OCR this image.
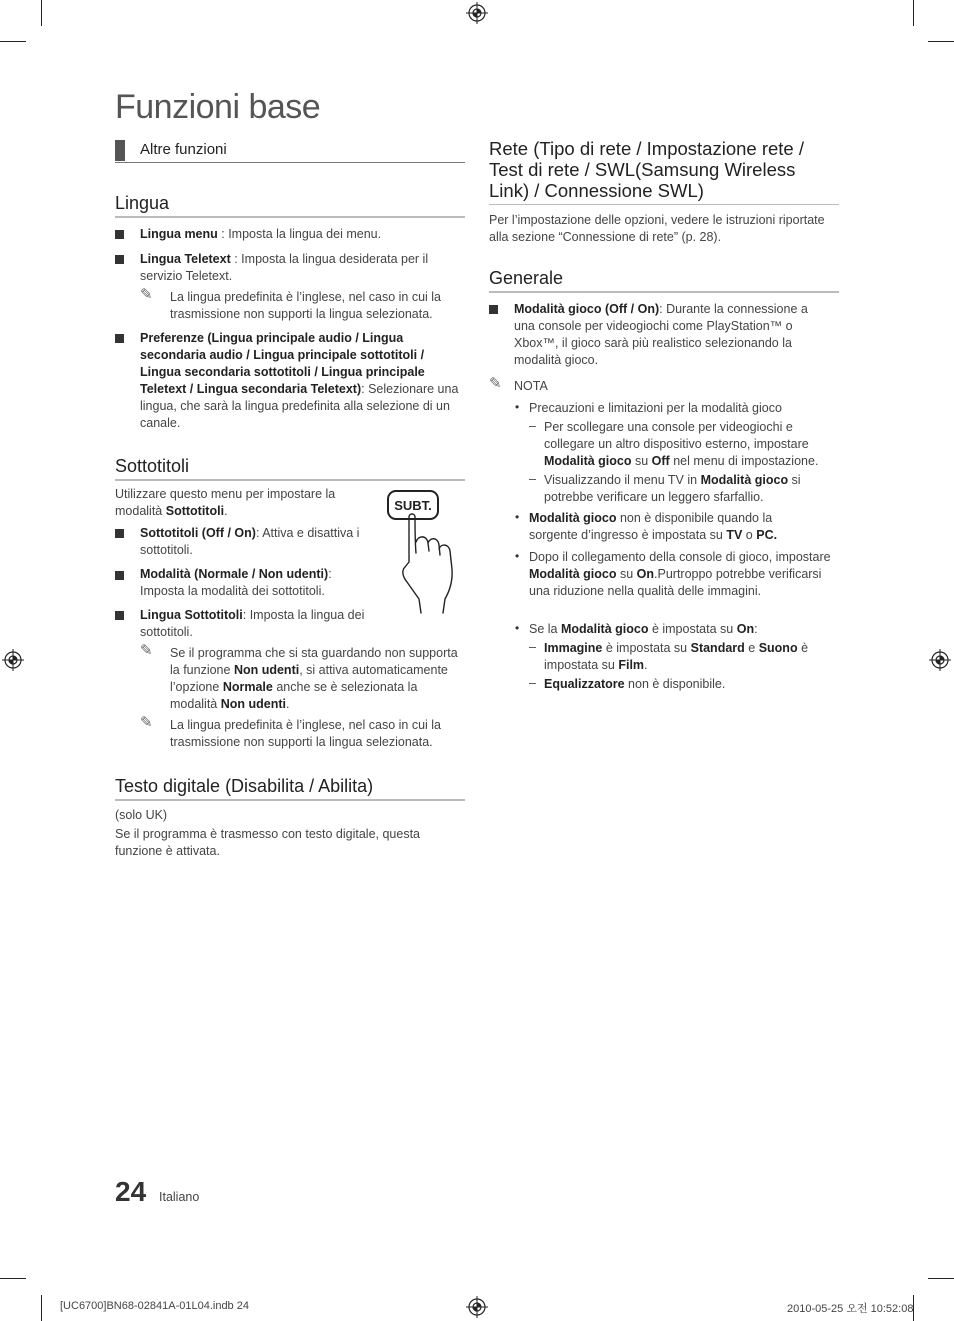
Funzioni base
Altre funzioni
Lingua
Lingua menu : Imposta la lingua dei menu.
Lingua Teletext : Imposta la lingua desiderata per il servizio Teletext.
✎ La lingua predefinita è l’inglese, nel caso in cui la trasmissione non supporti la lingua selezionata.
Preferenze (Lingua principale audio / Lingua secondaria audio / Lingua principale sottotitoli / Lingua secondaria sottotitoli / Lingua principale Teletext / Lingua secondaria Teletext): Selezionare una lingua, che sarà la lingua predefinita alla selezione di un canale.
Sottotitoli
Utilizzare questo menu per impostare la modalità Sottotitoli.	SUBT.
Sottotitoli (Off / On): Attiva e disattiva i sottotitoli.
Modalità (Normale / Non udenti): Imposta la modalità dei sottotitoli.
Lingua Sottotitoli: Imposta la lingua dei sottotitoli.
✎ Se il programma che si sta guardando non supporta la funzione Non udenti, si attiva automaticamente l’opzione Normale anche se è selezionata la modalità Non udenti.
✎ La lingua predefinita è l’inglese, nel caso in cui la trasmissione non supporti la lingua selezionata.
Testo digitale (Disabilita / Abilita)
(solo UK)
Se il programma è trasmesso con testo digitale, questa funzione è attivata.
Rete (Tipo di rete / Impostazione rete / Test di rete / SWL(Samsung Wireless Link) / Connessione SWL)
Per l’impostazione delle opzioni, vedere le istruzioni riportate alla sezione “Connessione di rete” (p. 28).
Generale
Modalità gioco (Off / On): Durante la connessione a una console per videogiochi come PlayStation™ o Xbox™, il gioco sarà più realistico selezionando la modalità gioco.
✎ NOTA
• Precauzioni e limitazioni per la modalità gioco
– Per scollegare una console per videogiochi e collegare un altro dispositivo esterno, impostare Modalità gioco su Off nel menu di impostazione.
– Visualizzando il menu TV in Modalità gioco si potrebbe verificare un leggero sfarfallio.
• Modalità gioco non è disponibile quando la sorgente d’ingresso è impostata su TV o PC.
• Dopo il collegamento della console di gioco, impostare Modalità gioco su On.Purtroppo potrebbe verificarsi una riduzione nella qualità delle immagini.
• Se la Modalità gioco è impostata su On:
– Immagine è impostata su Standard e Suono è impostata su Film.
– Equalizzatore non è disponibile.
24 Italiano
[UC6700]BN68-02841A-01L04.indb 24	2010-05-25 오전 10:52:08
